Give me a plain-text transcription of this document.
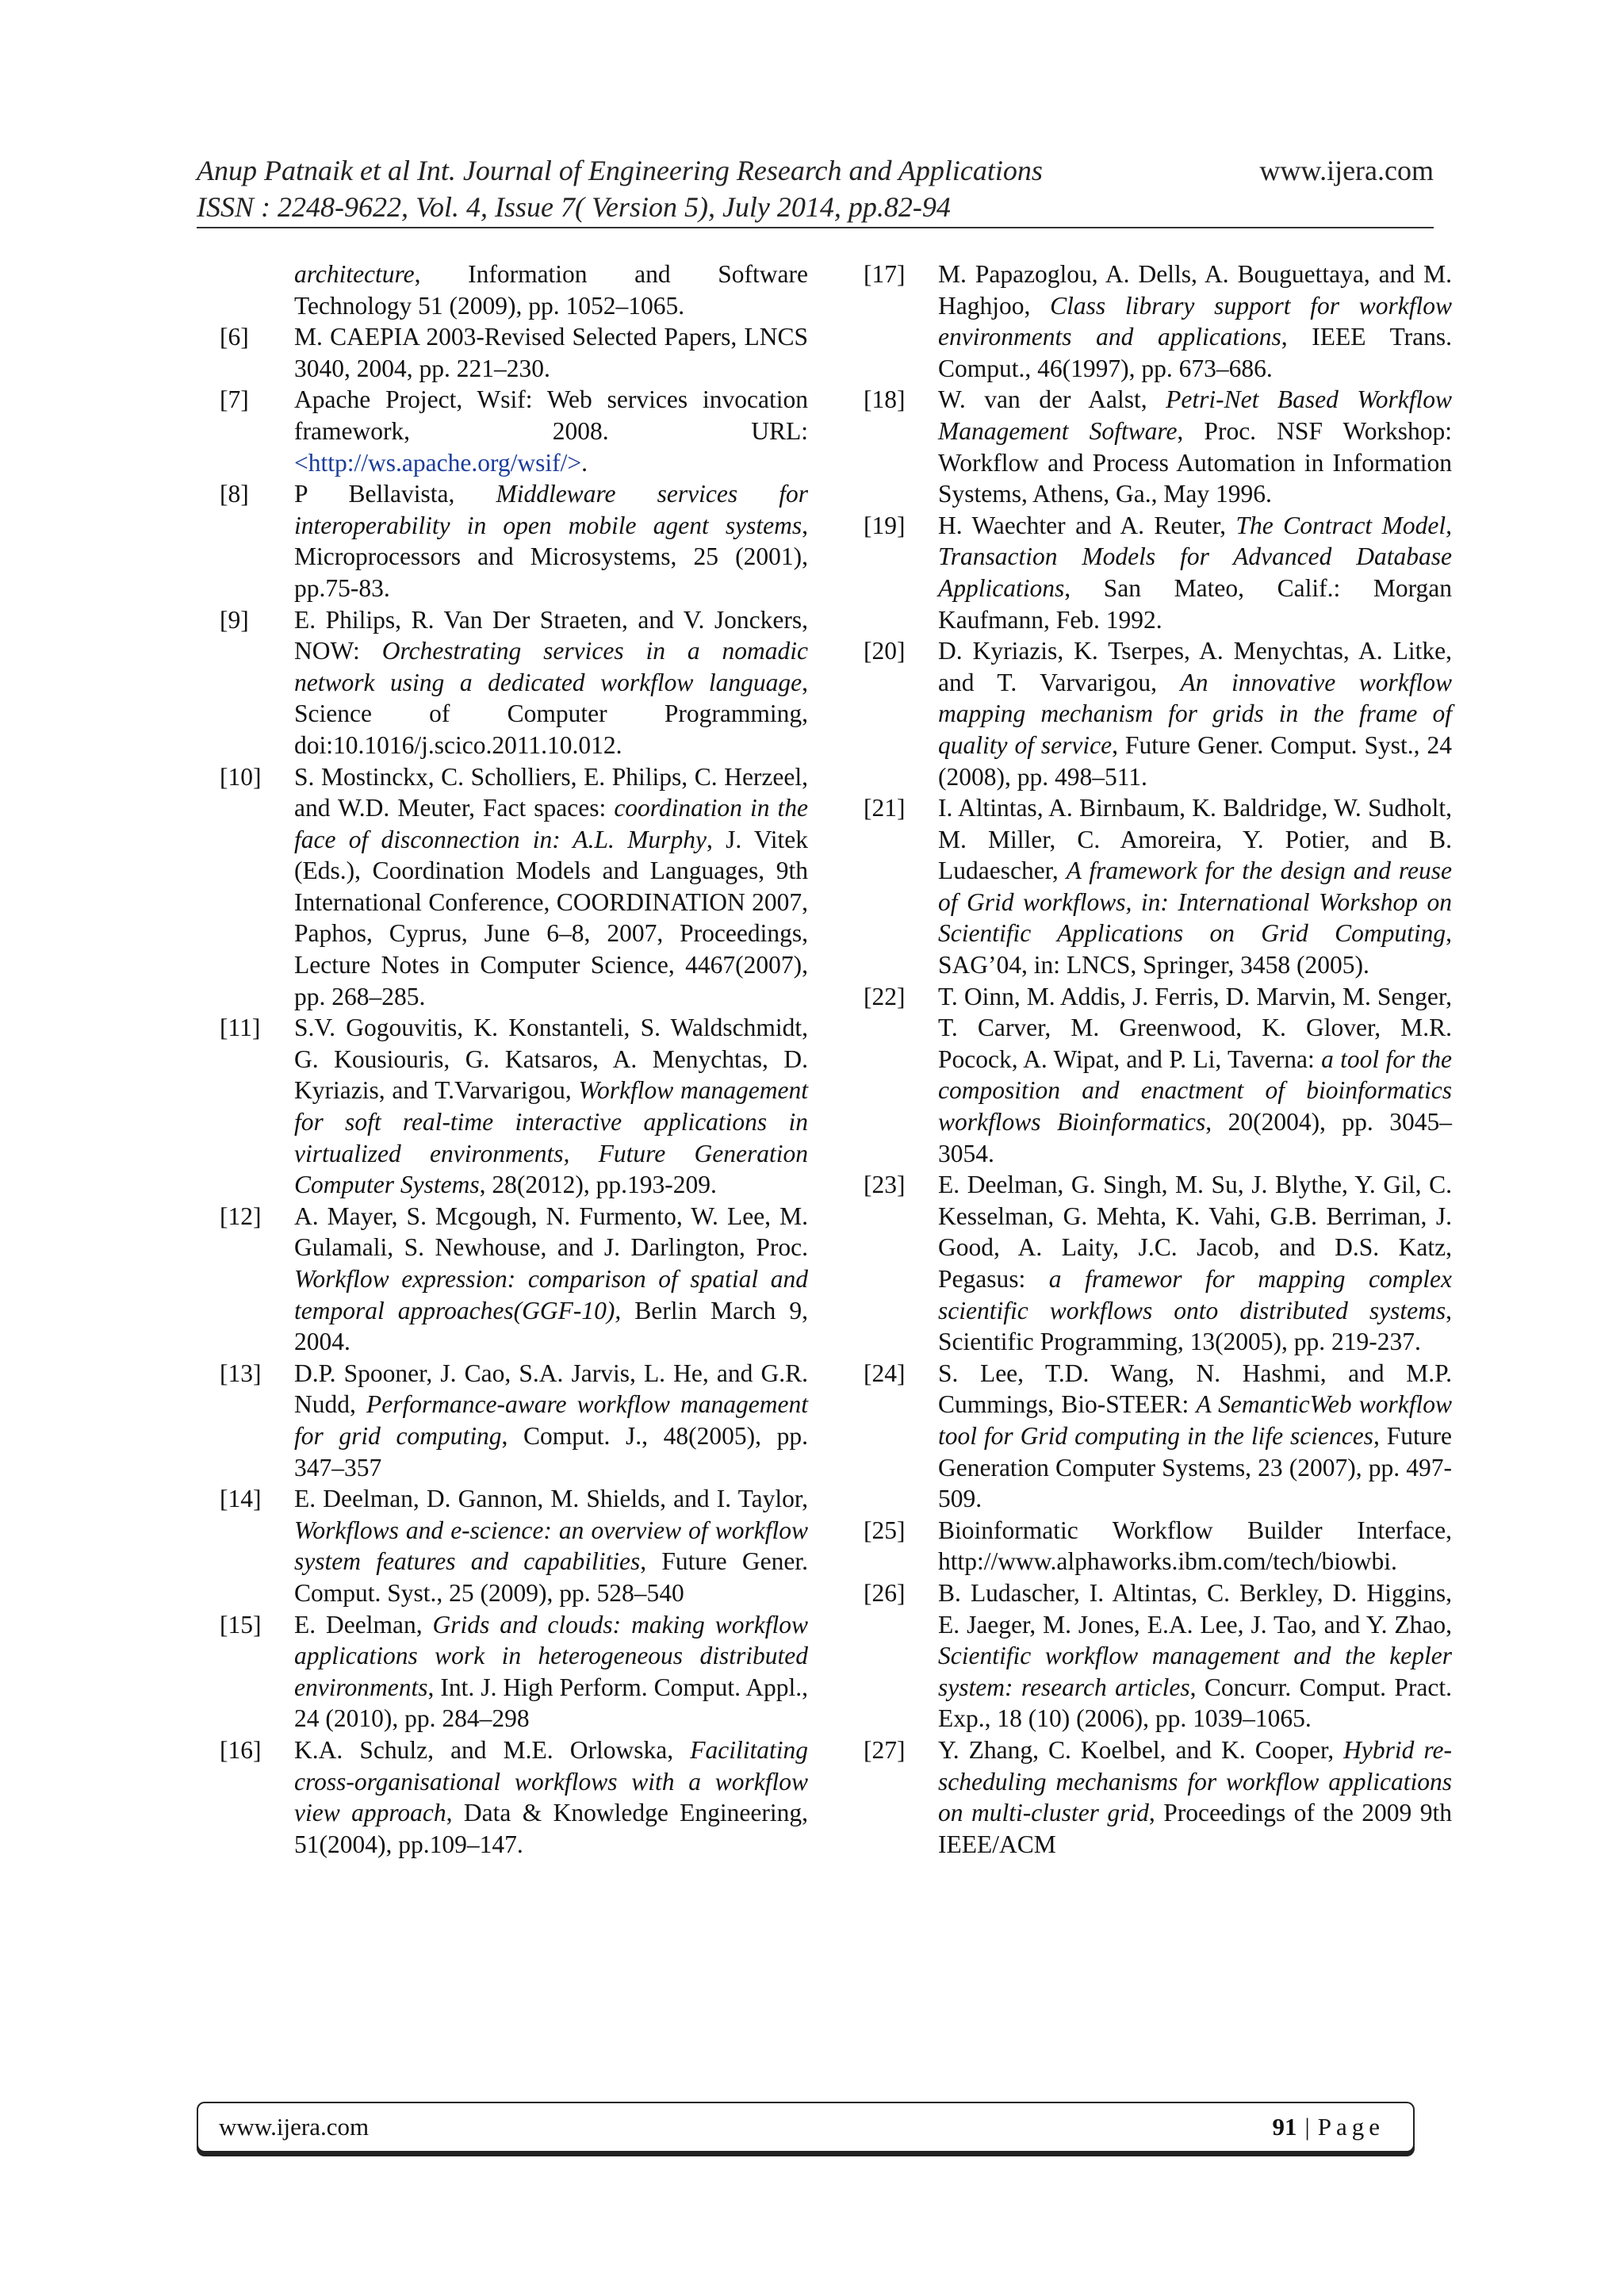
Anup Patnaik et al Int. Journal of Engineering Research and Applications	www.ijera.com
ISSN : 2248-9622, Vol. 4, Issue 7( Version 5), July 2014, pp.82-94
architecture, Information and Software Technology 51 (2009), pp. 1052–1065.
[6]	M. CAEPIA 2003-Revised Selected Papers, LNCS 3040, 2004, pp. 221–230.
[7]	Apache Project, Wsif: Web services invocation framework, 2008. URL: <http://ws.apache.org/wsif/>.
[8]	P Bellavista, Middleware services for interoperability in open mobile agent systems, Microprocessors and Microsystems, 25 (2001), pp.75-83.
[9]	E. Philips, R. Van Der Straeten, and V. Jonckers, NOW: Orchestrating services in a nomadic network using a dedicated workflow language, Science of Computer Programming, doi:10.1016/j.scico.2011.10.012.
[10]	S. Mostinckx, C. Scholliers, E. Philips, C. Herzeel, and W.D. Meuter, Fact spaces: coordination in the face of disconnection in: A.L. Murphy, J. Vitek (Eds.), Coordination Models and Languages, 9th International Conference, COORDINATION 2007, Paphos, Cyprus, June 6–8, 2007, Proceedings, Lecture Notes in Computer Science, 4467(2007), pp. 268–285.
[11]	S.V. Gogouvitis, K. Konstanteli, S. Waldschmidt, G. Kousiouris, G. Katsaros, A. Menychtas, D. Kyriazis, and T.Varvarigou, Workflow management for soft real-time interactive applications in virtualized environments, Future Generation Computer Systems, 28(2012), pp.193-209.
[12]	A. Mayer, S. Mcgough, N. Furmento, W. Lee, M. Gulamali, S. Newhouse, and J. Darlington, Proc. Workflow expression: comparison of spatial and temporal approaches(GGF-10), Berlin March 9, 2004.
[13]	D.P. Spooner, J. Cao, S.A. Jarvis, L. He, and G.R. Nudd, Performance-aware workflow management for grid computing, Comput. J., 48(2005), pp. 347–357
[14]	E. Deelman, D. Gannon, M. Shields, and I. Taylor, Workflows and e-science: an overview of workflow system features and capabilities, Future Gener. Comput. Syst., 25 (2009), pp. 528–540
[15]	E. Deelman, Grids and clouds: making workflow applications work in heterogeneous distributed environments, Int. J. High Perform. Comput. Appl., 24 (2010), pp. 284–298
[16]	K.A. Schulz, and M.E. Orlowska, Facilitating cross-organisational workflows with a workflow view approach, Data & Knowledge Engineering, 51(2004), pp.109–147.
[17]	M. Papazoglou, A. Dells, A. Bouguettaya, and M. Haghjoo, Class library support for workflow environments and applications, IEEE Trans. Comput., 46(1997), pp. 673–686.
[18]	W. van der Aalst, Petri-Net Based Workflow Management Software, Proc. NSF Workshop: Workflow and Process Automation in Information Systems, Athens, Ga., May 1996.
[19]	H. Waechter and A. Reuter, The Contract Model, Transaction Models for Advanced Database Applications, San Mateo, Calif.: Morgan Kaufmann, Feb. 1992.
[20]	D. Kyriazis, K. Tserpes, A. Menychtas, A. Litke, and T. Varvarigou, An innovative workflow mapping mechanism for grids in the frame of quality of service, Future Gener. Comput. Syst., 24 (2008), pp. 498–511.
[21]	I. Altintas, A. Birnbaum, K. Baldridge, W. Sudholt, M. Miller, C. Amoreira, Y. Potier, and B. Ludaescher, A framework for the design and reuse of Grid workflows, in: International Workshop on Scientific Applications on Grid Computing, SAG’04, in: LNCS, Springer, 3458 (2005).
[22]	T. Oinn, M. Addis, J. Ferris, D. Marvin, M. Senger, T. Carver, M. Greenwood, K. Glover, M.R. Pocock, A. Wipat, and P. Li, Taverna: a tool for the composition and enactment of bioinformatics workflows Bioinformatics, 20(2004), pp. 3045–3054.
[23]	E. Deelman, G. Singh, M. Su, J. Blythe, Y. Gil, C. Kesselman, G. Mehta, K. Vahi, G.B. Berriman, J. Good, A. Laity, J.C. Jacob, and D.S. Katz, Pegasus: a framewor for mapping complex scientific workflows onto distributed systems, Scientific Programming, 13(2005), pp. 219-237.
[24]	S. Lee, T.D. Wang, N. Hashmi, and M.P. Cummings, Bio-STEER: A SemanticWeb workflow tool for Grid computing in the life sciences, Future Generation Computer Systems, 23 (2007), pp. 497-509.
[25]	Bioinformatic Workflow Builder Interface, http://www.alphaworks.ibm.com/tech/biowbi.
[26]	B. Ludascher, I. Altintas, C. Berkley, D. Higgins, E. Jaeger, M. Jones, E.A. Lee, J. Tao, and Y. Zhao, Scientific workflow management and the kepler system: research articles, Concurr. Comput. Pract. Exp., 18 (10) (2006), pp. 1039–1065.
[27]	Y. Zhang, C. Koelbel, and K. Cooper, Hybrid re-scheduling mechanisms for workflow applications on multi-cluster grid, Proceedings of the 2009 9th IEEE/ACM
www.ijera.com	91 | Page
